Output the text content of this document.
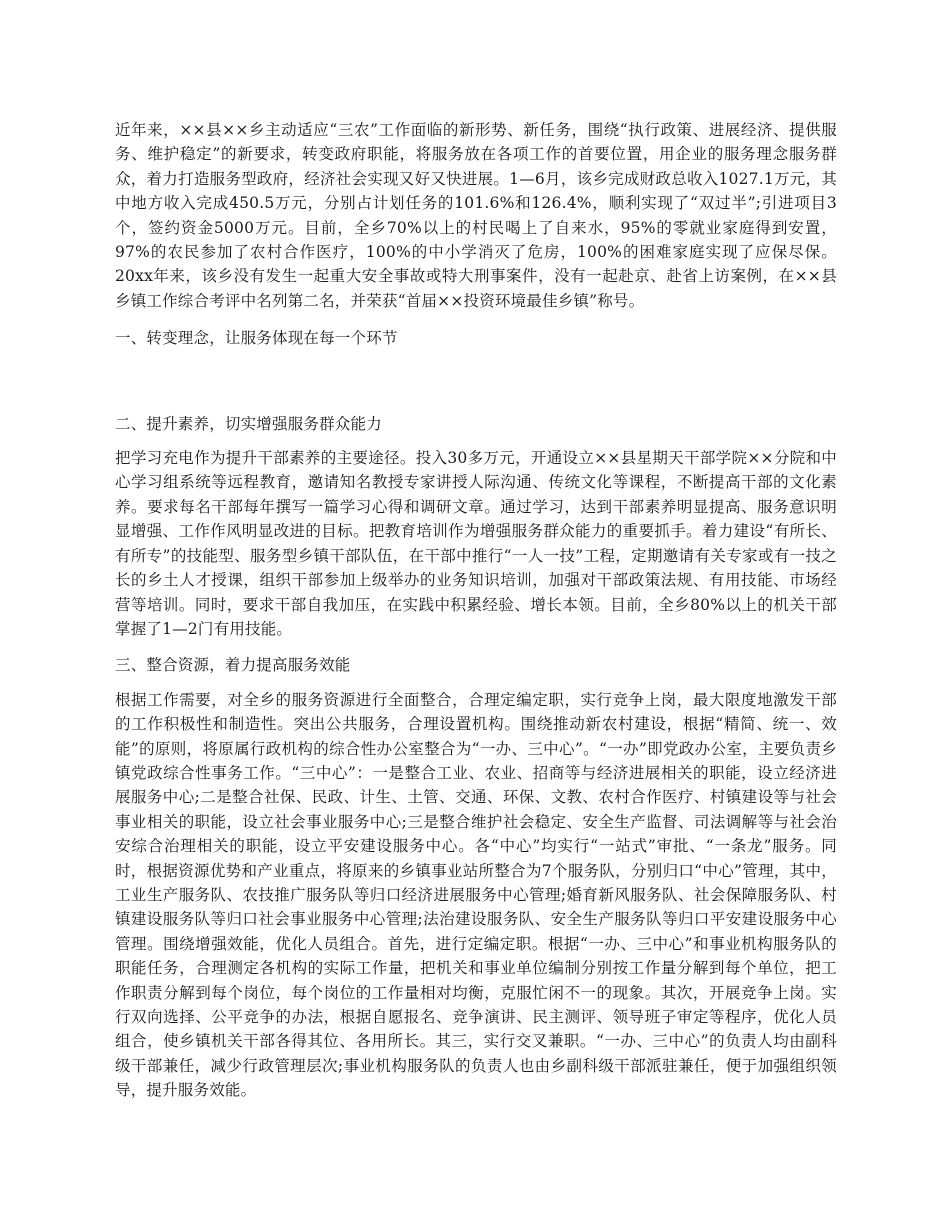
近年来，××县××乡主动适应“三农”工作面临的新形势、新任务，围绕“执行政策、进展经济、提供服务、维护稳定”的新要求，转变政府职能，将服务放在各项工作的首要位置，用企业的服务理念服务群众，着力打造服务型政府，经济社会实现又好又快进展。1—6月，该乡完成财政总收入1027.1万元，其中地方收入完成450.5万元，分别占计划任务的101.6%和126.4%，顺利实现了“双过半”;引进项目3个，签约资金5000万元。目前，全乡70%以上的村民喝上了自来水，95%的零就业家庭得到安置，97%的农民参加了农村合作医疗，100%的中小学消灭了危房，100%的困难家庭实现了应保尽保。20xx年来，该乡没有发生一起重大安全事故或特大刑事案件，没有一起赴京、赴省上访案例，在××县乡镇工作综合考评中名列第二名，并荣获“首届××投资环境最佳乡镇”称号。

一、转变理念，让服务体现在每一个环节

二、提升素养，切实增强服务群众能力

把学习充电作为提升干部素养的主要途径。投入30多万元，开通设立××县星期天干部学院××分院和中心学习组系统等远程教育，邀请知名教授专家讲授人际沟通、传统文化等课程，不断提高干部的文化素养。要求每名干部每年撰写一篇学习心得和调研文章。通过学习，达到干部素养明显提高、服务意识明显增强、工作作风明显改进的目标。把教育培训作为增强服务群众能力的重要抓手。着力建设“有所长、有所专”的技能型、服务型乡镇干部队伍，在干部中推行“一人一技”工程，定期邀请有关专家或有一技之长的乡土人才授课，组织干部参加上级举办的业务知识培训，加强对干部政策法规、有用技能、市场经营等培训。同时，要求干部自我加压，在实践中积累经验、增长本领。目前，全乡80%以上的机关干部掌握了1—2门有用技能。

三、整合资源，着力提高服务效能

根据工作需要，对全乡的服务资源进行全面整合，合理定编定职，实行竞争上岗，最大限度地激发干部的工作积极性和制造性。突出公共服务，合理设置机构。围绕推动新农村建设，根据“精简、统一、效能”的原则，将原属行政机构的综合性办公室整合为“一办、三中心”。“一办”即党政办公室，主要负责乡镇党政综合性事务工作。“三中心”：一是整合工业、农业、招商等与经济进展相关的职能，设立经济进展服务中心;二是整合社保、民政、计生、土管、交通、环保、文教、农村合作医疗、村镇建设等与社会事业相关的职能，设立社会事业服务中心;三是整合维护社会稳定、安全生产监督、司法调解等与社会治安综合治理相关的职能，设立平安建设服务中心。各“中心”均实行“一站式”审批、“一条龙”服务。同时，根据资源优势和产业重点，将原来的乡镇事业站所整合为7个服务队，分别归口“中心”管理，其中，工业生产服务队、农技推广服务队等归口经济进展服务中心管理;婚育新风服务队、社会保障服务队、村镇建设服务队等归口社会事业服务中心管理;法治建设服务队、安全生产服务队等归口平安建设服务中心管理。围绕增强效能，优化人员组合。首先，进行定编定职。根据“一办、三中心”和事业机构服务队的职能任务，合理测定各机构的实际工作量，把机关和事业单位编制分别按工作量分解到每个单位，把工作职责分解到每个岗位，每个岗位的工作量相对均衡，克服忙闲不一的现象。其次，开展竞争上岗。实行双向选择、公平竞争的办法，根据自愿报名、竞争演讲、民主测评、领导班子审定等程序，优化人员组合，使乡镇机关干部各得其位、各用所长。其三，实行交叉兼职。“一办、三中心”的负责人均由副科级干部兼任，减少行政管理层次;事业机构服务队的负责人也由乡副科级干部派驻兼任，便于加强组织领导，提升服务效能。
